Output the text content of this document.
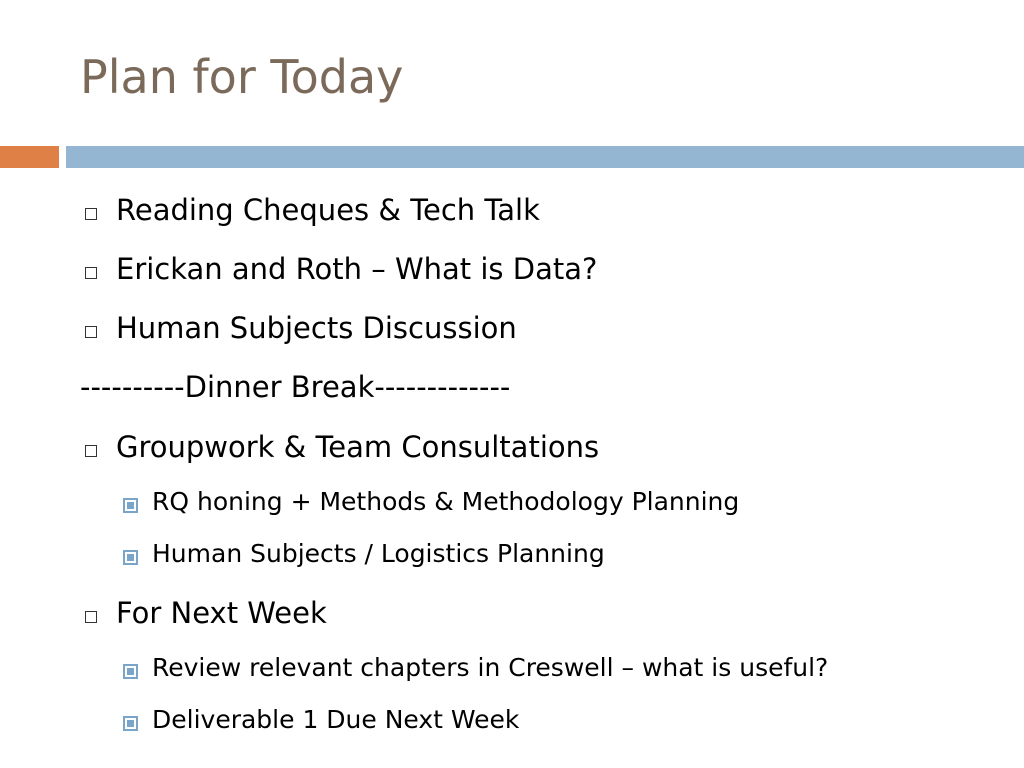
Plan for Today
Reading Cheques & Tech Talk
Erickan and Roth – What is Data?
Human Subjects Discussion
----------Dinner Break-------------
Groupwork & Team Consultations
RQ honing + Methods & Methodology Planning
Human Subjects / Logistics Planning
For Next Week
Review relevant chapters in Creswell – what is useful?
Deliverable 1 Due Next Week
